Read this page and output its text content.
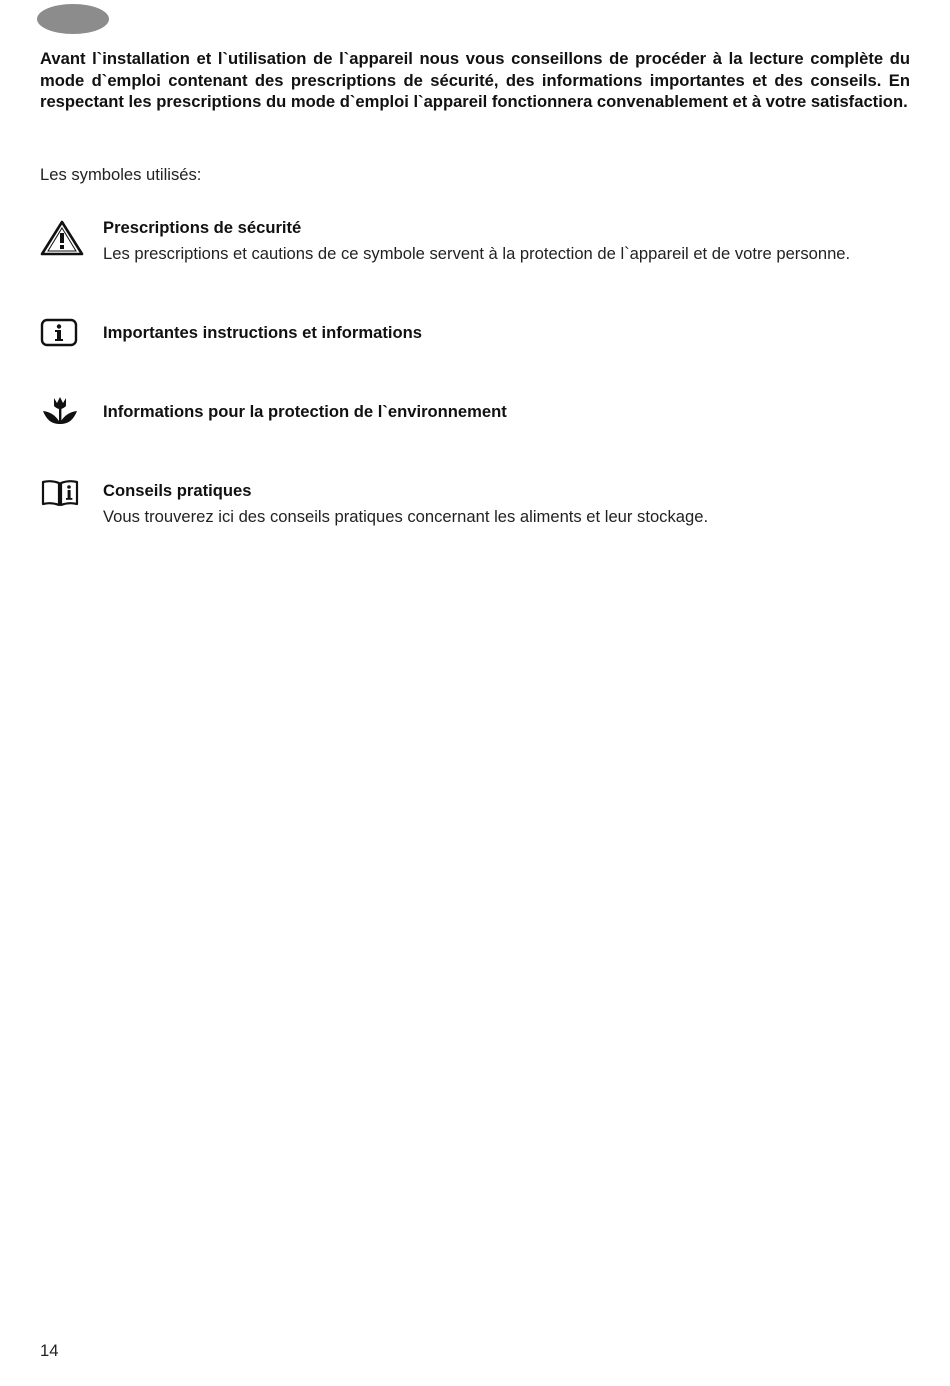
Avant l`installation et l`utilisation de l`appareil nous vous conseillons de procéder à la lecture complète du mode d`emploi contenant des prescriptions de sécurité, des informations importantes et des conseils. En respectant les prescriptions du mode d`emploi l`appareil fonctionnera convenablement et à votre satisfaction.

Les symboles utilisés:

Prescriptions de sécurité

Les prescriptions et cautions de ce symbole servent à la protection de l`appareil et de votre personne.

Importantes instructions et informations

Informations pour la protection de l`environnement

Conseils pratiques

Vous trouverez ici des conseils pratiques concernant les aliments et leur stockage.

14
